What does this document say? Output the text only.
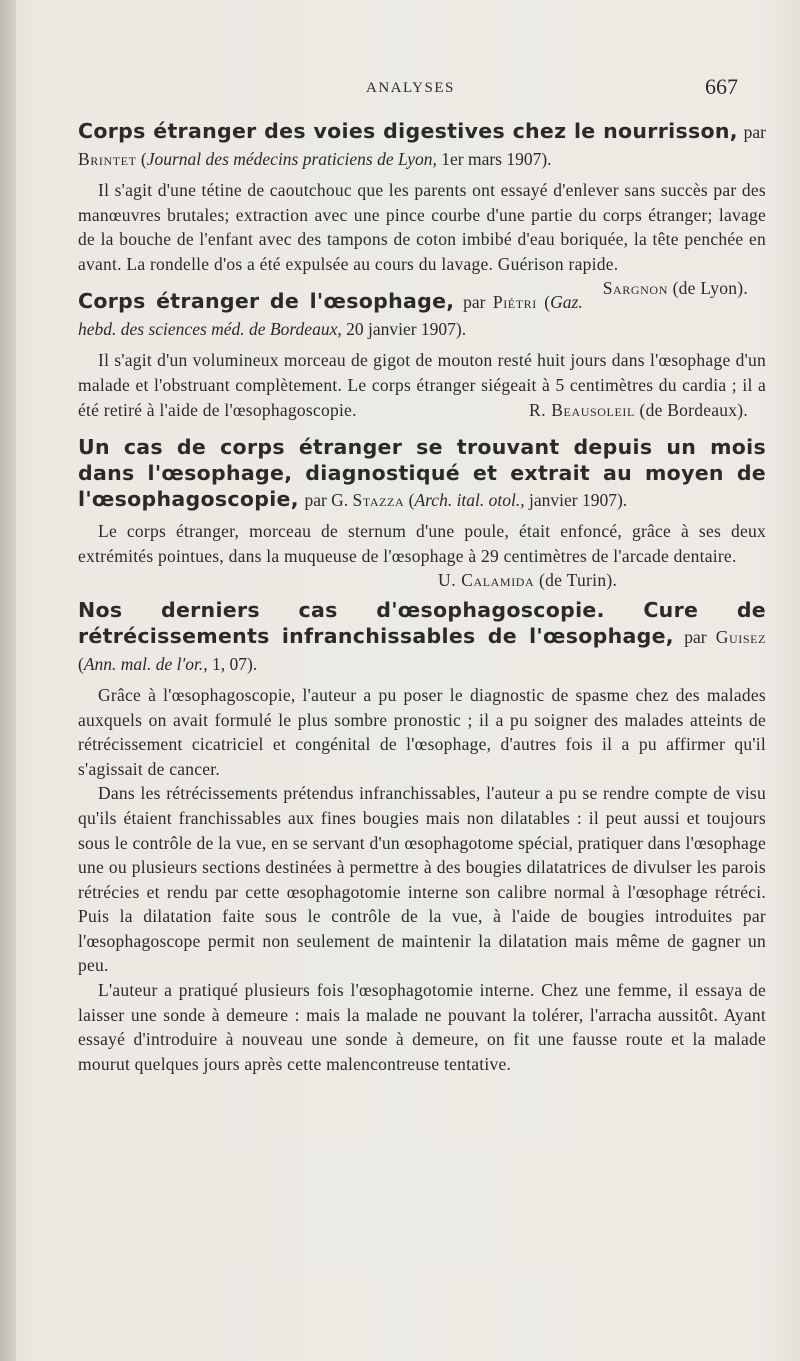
ANALYSES	667

Corps étranger des voies digestives chez le nourrisson, par Brintet (Journal des médecins praticiens de Lyon, 1er mars 1907).

Il s'agit d'une tétine de caoutchouc que les parents ont essayé d'enlever sans succès par des manœuvres brutales; extraction avec une pince courbe d'une partie du corps étranger; lavage de la bouche de l'enfant avec des tampons de coton imbibé d'eau boriquée, la tête penchée en avant. La rondelle d'os a été expulsée au cours du lavage. Guérison rapide.
Sargnon (de Lyon).

Corps étranger de l'œsophage, par Piétri (Gaz. hebd. des sciences méd. de Bordeaux, 20 janvier 1907).

Il s'agit d'un volumineux morceau de gigot de mouton resté huit jours dans l'œsophage d'un malade et l'obstruant complètement. Le corps étranger siégeait à 5 centimètres du cardia ; il a été retiré à l'aide de l'œsophagoscopie.	R. Beausoleil (de Bordeaux).

Un cas de corps étranger se trouvant depuis un mois dans l'œsophage, diagnostiqué et extrait au moyen de l'œsophagoscopie, par G. Stazza (Arch. ital. otol., janvier 1907).

Le corps étranger, morceau de sternum d'une poule, était enfoncé, grâce à ses deux extrémités pointues, dans la muqueuse de l'œsophage à 29 centimètres de l'arcade dentaire.

U. Calamida (de Turin).

Nos derniers cas d'œsophagoscopie. Cure de rétrécissements infranchissables de l'œsophage, par Guisez (Ann. mal. de l'or., 1, 07).

Grâce à l'œsophagoscopie, l'auteur a pu poser le diagnostic de spasme chez des malades auxquels on avait formulé le plus sombre pronostic ; il a pu soigner des malades atteints de rétrécissement cicatriciel et congénital de l'œsophage, d'autres fois il a pu affirmer qu'il s'agissait de cancer.

Dans les rétrécissements prétendus infranchissables, l'auteur a pu se rendre compte de visu qu'ils étaient franchissables aux fines bougies mais non dilatables : il peut aussi et toujours sous le contrôle de la vue, en se servant d'un œsophagotome spécial, pratiquer dans l'œsophage une ou plusieurs sections destinées à permettre à des bougies dilatatrices de divulser les parois rétrécies et rendu par cette œsophagotomie interne son calibre normal à l'œsophage rétréci. Puis la dilatation faite sous le contrôle de la vue, à l'aide de bougies introduites par l'œsophagoscope permit non seulement de maintenir la dilatation mais même de gagner un peu.

L'auteur a pratiqué plusieurs fois l'œsophagotomie interne. Chez une femme, il essaya de laisser une sonde à demeure : mais la malade ne pouvant la tolérer, l'arracha aussitôt. Ayant essayé d'introduire à nouveau une sonde à demeure, on fit une fausse route et la malade mourut quelques jours après cette malencontreuse tentative.
